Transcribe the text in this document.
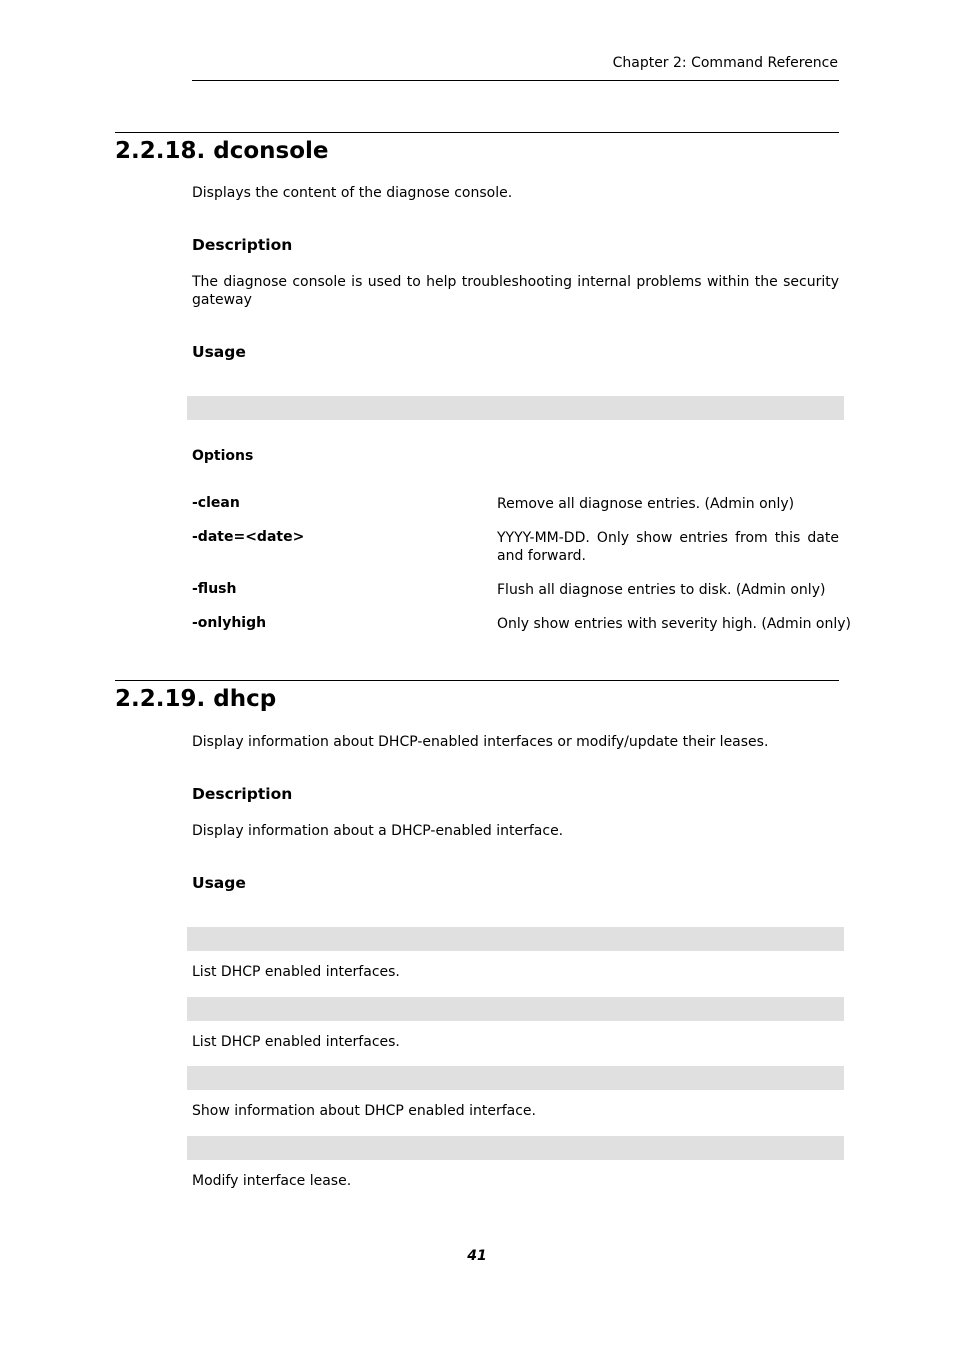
Chapter 2: Command Reference
2.2.18. dconsole
Displays the content of the diagnose console.
Description
The diagnose console is used to help troubleshooting internal problems within the security gateway
Usage
Options
-clean	Remove all diagnose entries. (Admin only)
-date=<date>	YYYY-MM-DD. Only show entries from this date and forward.
-flush	Flush all diagnose entries to disk. (Admin only)
-onlyhigh	Only show entries with severity high. (Admin only)
2.2.19. dhcp
Display information about DHCP-enabled interfaces or modify/update their leases.
Description
Display information about a DHCP-enabled interface.
Usage
List DHCP enabled interfaces.
List DHCP enabled interfaces.
Show information about DHCP enabled interface.
Modify interface lease.
41
